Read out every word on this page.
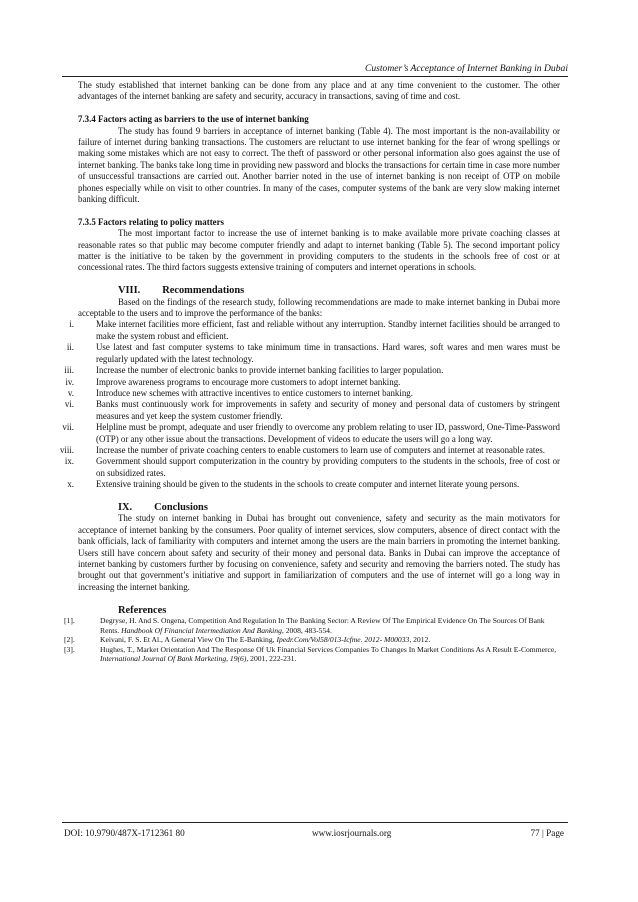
Customer’s Acceptance of Internet Banking in Dubai

The study established that internet banking can be done from any place and at any time convenient to the customer. The other advantages of the internet banking are safety and security, accuracy in transactions, saving of time and cost.

7.3.4 Factors acting as barriers to the use of internet banking

The study has found 9 barriers in acceptance of internet banking (Table 4). The most important is the non-availability or failure of internet during banking transactions. The customers are reluctant to use internet banking for the fear of wrong spellings or making some mistakes which are not easy to correct. The theft of password or other personal information also goes against the use of internet banking. The banks take long time in providing new password and blocks the transactions for certain time in case more number of unsuccessful transactions are carried out. Another barrier noted in the use of internet banking is non receipt of OTP on mobile phones especially while on visit to other countries. In many of the cases, computer systems of the bank are very slow making internet banking difficult.

7.3.5 Factors relating to policy matters

The most important factor to increase the use of internet banking is to make available more private coaching classes at reasonable rates so that public may become computer friendly and adapt to internet banking (Table 5). The second important policy matter is the initiative to be taken by the government in providing computers to the students in the schools free of cost or at concessional rates. The third factors suggests extensive training of computers and internet operations in schools.

VIII. Recommendations

Based on the findings of the research study, following recommendations are made to make internet banking in Dubai more acceptable to the users and to improve the performance of the banks:

i.	Make internet facilities more efficient, fast and reliable without any interruption. Standby internet facilities should be arranged to make the system robust and efficient.
ii.	Use latest and fast computer systems to take minimum time in transactions. Hard wares, soft wares and men wares must be regularly updated with the latest technology.
iii.	Increase the number of electronic banks to provide internet banking facilities to larger population.
iv.	Improve awareness programs to encourage more customers to adopt internet banking.
v.	Introduce new schemes with attractive incentives to entice customers to internet banking.
vi.	Banks must continuously work for improvements in safety and security of money and personal data of customers by stringent measures and yet keep the system customer friendly.
vii.	Helpline must be prompt, adequate and user friendly to overcome any problem relating to user ID, password, One-Time-Password (OTP) or any other issue about the transactions. Development of videos to educate the users will go a long way.
viii.	Increase the number of private coaching centers to enable customers to learn use of computers and internet at reasonable rates.
ix.	Government should support computerization in the country by providing computers to the students in the schools, free of cost or on subsidized rates.
x.	Extensive training should be given to the students in the schools to create computer and internet literate young persons.

IX. Conclusions

The study on internet banking in Dubai has brought out convenience, safety and security as the main motivators for acceptance of internet banking by the consumers. Poor quality of internet services, slow computers, absence of direct contact with the bank officials, lack of familiarity with computers and internet among the users are the main barriers in promoting the internet banking. Users still have concern about safety and security of their money and personal data. Banks in Dubai can improve the acceptance of internet banking by customers further by focusing on convenience, safety and security and removing the barriers noted. The study has brought out that government’s initiative and support in familiarization of computers and the use of internet will go a long way in increasing the internet banking.

References

[1].	Degryse, H. And S. Ongena, Competition And Regulation In The Banking Sector: A Review Of The Empirical Evidence On The Sources Of Bank Rents. Handbook Of Financial Intermediation And Banking, 2008, 483-554.
[2].	Keivani, F. S. Et Al., A General View On The E-Banking, Ipedr.Com/Vol58/013-Icfme. 2012- M00033, 2012.
[3].	Hughes, T., Market Orientation And The Response Of Uk Financial Services Companies To Changes In Market Conditions As A Result E-Commerce, International Journal Of Bank Marketing, 19(6), 2001, 222-231.
DOI: 10.9790/487X-1712361 80	www.iosrjournals.org	77 | Page
